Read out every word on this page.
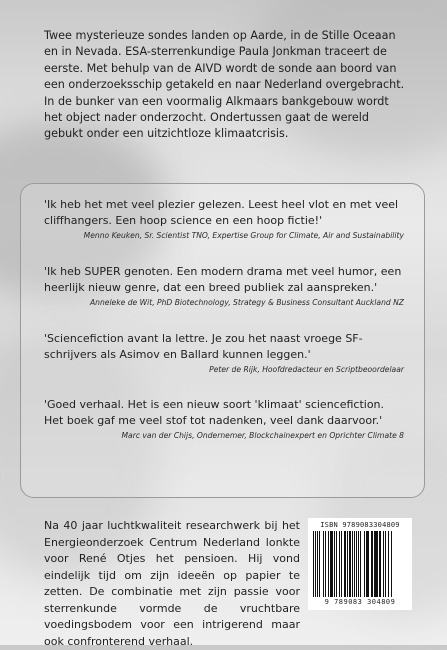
Twee mysterieuze sondes landen op Aarde, in de Stille Oceaan en in Nevada. ESA-sterrenkundige Paula Jonkman traceert de eerste. Met behulp van de AIVD wordt de sonde aan boord van een onderzoeksschip getakeld en naar Nederland overgebracht. In de bunker van een voormalig Alkmaars bankgebouw wordt het object nader onderzocht. Ondertussen gaat de wereld gebukt onder een uitzichtloze klimaatcrisis.

'Ik heb het met veel plezier gelezen. Leest heel vlot en met veel cliffhangers. Een hoop science en een hoop fictie!'

Menno Keuken, Sr. Scientist TNO, Expertise Group for Climate, Air and Sustainability

'Ik heb SUPER genoten. Een modern drama met veel humor, een heerlijk nieuw genre, dat een breed publiek zal aanspreken.'

Anneleke de Wit, PhD Biotechnology, Strategy & Business Consultant Auckland NZ

'Sciencefiction avant la lettre. Je zou het naast vroege SF-schrijvers als Asimov en Ballard kunnen leggen.'

Peter de Rijk, Hoofdredacteur en Scriptbeoordelaar

'Goed verhaal. Het is een nieuw soort 'klimaat' sciencefiction. Het boek gaf me veel stof tot nadenken, veel dank daarvoor.'

Marc van der Chijs, Ondernemer, Blockchainexpert en Oprichter Climate 8

Na 40 jaar luchtkwaliteit researchwerk bij het Energieonderzoek Centrum Nederland lonkte voor René Otjes het pensioen. Hij vond eindelijk tijd om zijn ideeën op papier te zetten. De combinatie met zijn passie voor sterrenkunde vormde de vruchtbare voedingsbodem voor een intrigerend maar ook confronterend verhaal.

ISBN 9789083304809
9 789083 304809
